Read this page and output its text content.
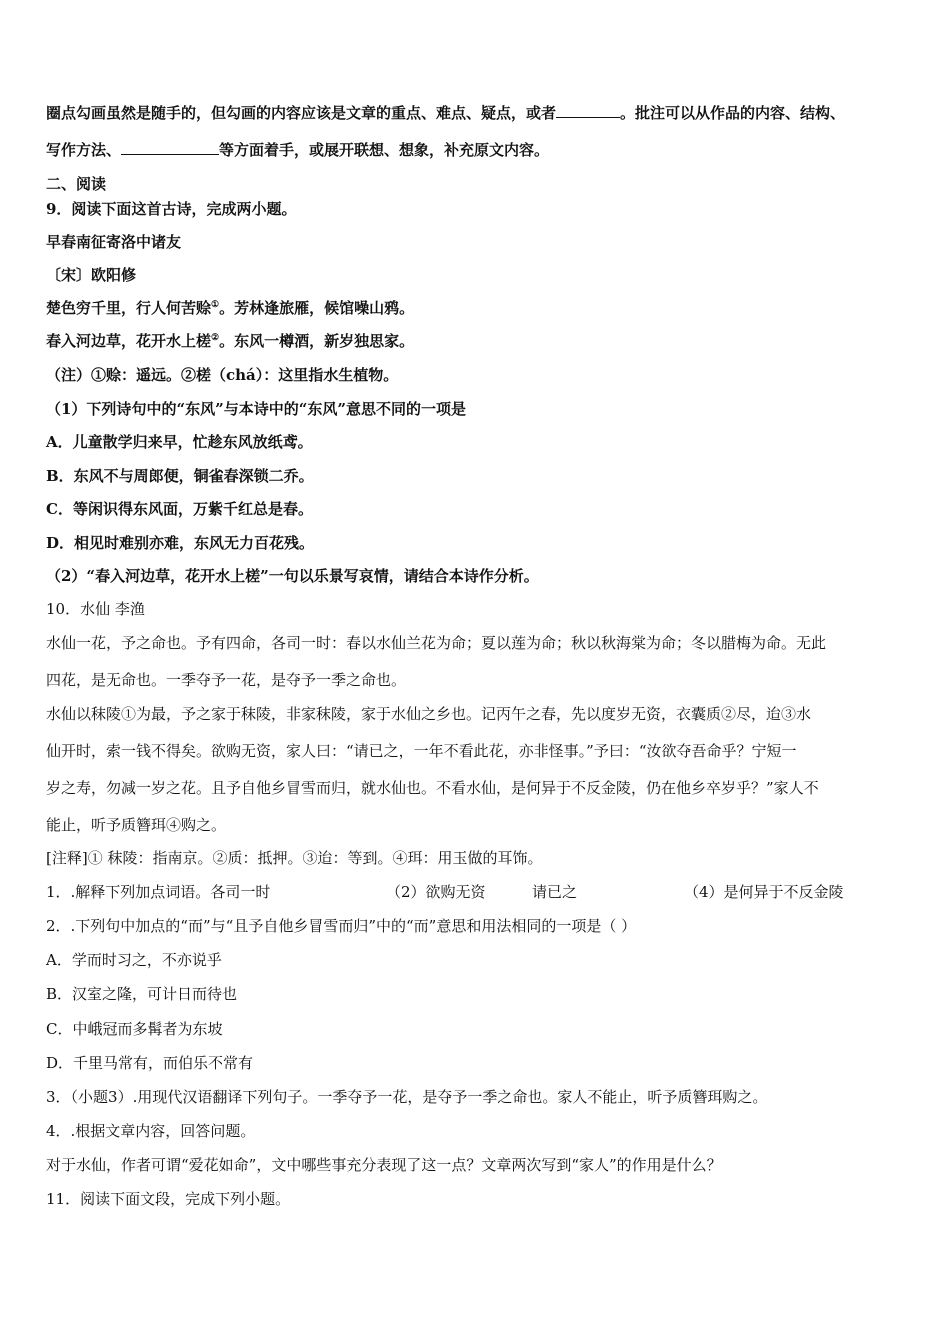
圈点勾画虽然是随手的，但勾画的内容应该是文章的重点、难点、疑点，或者	。批注可以从作品的内容、结构、
写作方法、	等方面着手，或展开联想、想象，补充原文内容。
二、阅读
9．阅读下面这首古诗，完成两小题。
早春南征寄洛中诸友
〔宋〕欧阳修
楚色穷千里，行人何苦赊①。芳林逢旅雁，候馆噪山鸦。
春入河边草，花开水上槎②。东风一樽酒，新岁独思家。
（注）①赊：遥远。②槎（chá）：这里指水生植物。
（1）下列诗句中的“东风”与本诗中的“东风”意思不同的一项是
A．儿童散学归来早，忙趁东风放纸鸢。
B．东风不与周郎便，铜雀春深锁二乔。
C．等闲识得东风面，万紫千红总是春。
D．相见时难别亦难，东风无力百花残。
（2）“春入河边草，花开水上槎”一句以乐景写哀情，请结合本诗作分析。
10．水仙 李渔
水仙一花，予之命也。予有四命，各司一时：春以水仙兰花为命；夏以莲为命；秋以秋海棠为命；冬以腊梅为命。无此
四花，是无命也。一季夺予一花，是夺予一季之命也。
水仙以秣陵①为最，予之家于秣陵，非家秣陵，家于水仙之乡也。记丙午之春，先以度岁无资，衣囊质②尽，迨③水
仙开时，索一钱不得矣。欲购无资，家人曰：“请已之，一年不看此花，亦非怪事。”予曰：“汝欲夺吾命乎？宁短一
岁之寿，勿减一岁之花。且予自他乡冒雪而归，就水仙也。不看水仙，是何异于不反金陵，仍在他乡卒岁乎？”家人不
能止，听予质簪珥④购之。
[注释]① 秣陵：指南京。②质：抵押。③迨：等到。④珥：用玉做的耳饰。
1．.解释下列加点词语。各司一时	（2）欲购无资	请已之	（4）是何异于不反金陵
2．.下列句中加点的“而”与“且予自他乡冒雪而归”中的“而”意思和用法相同的一项是（ ）
A．学而时习之，不亦说乎
B．汉室之隆，可计日而待也
C．中峨冠而多髯者为东坡
D．千里马常有，而伯乐不常有
3．（小题3）.用现代汉语翻译下列句子。一季夺予一花，是夺予一季之命也。家人不能止，听予质簪珥购之。
4．.根据文章内容，回答问题。
对于水仙，作者可谓“爱花如命”，文中哪些事充分表现了这一点？文章两次写到“家人”的作用是什么？
11．阅读下面文段，完成下列小题。
